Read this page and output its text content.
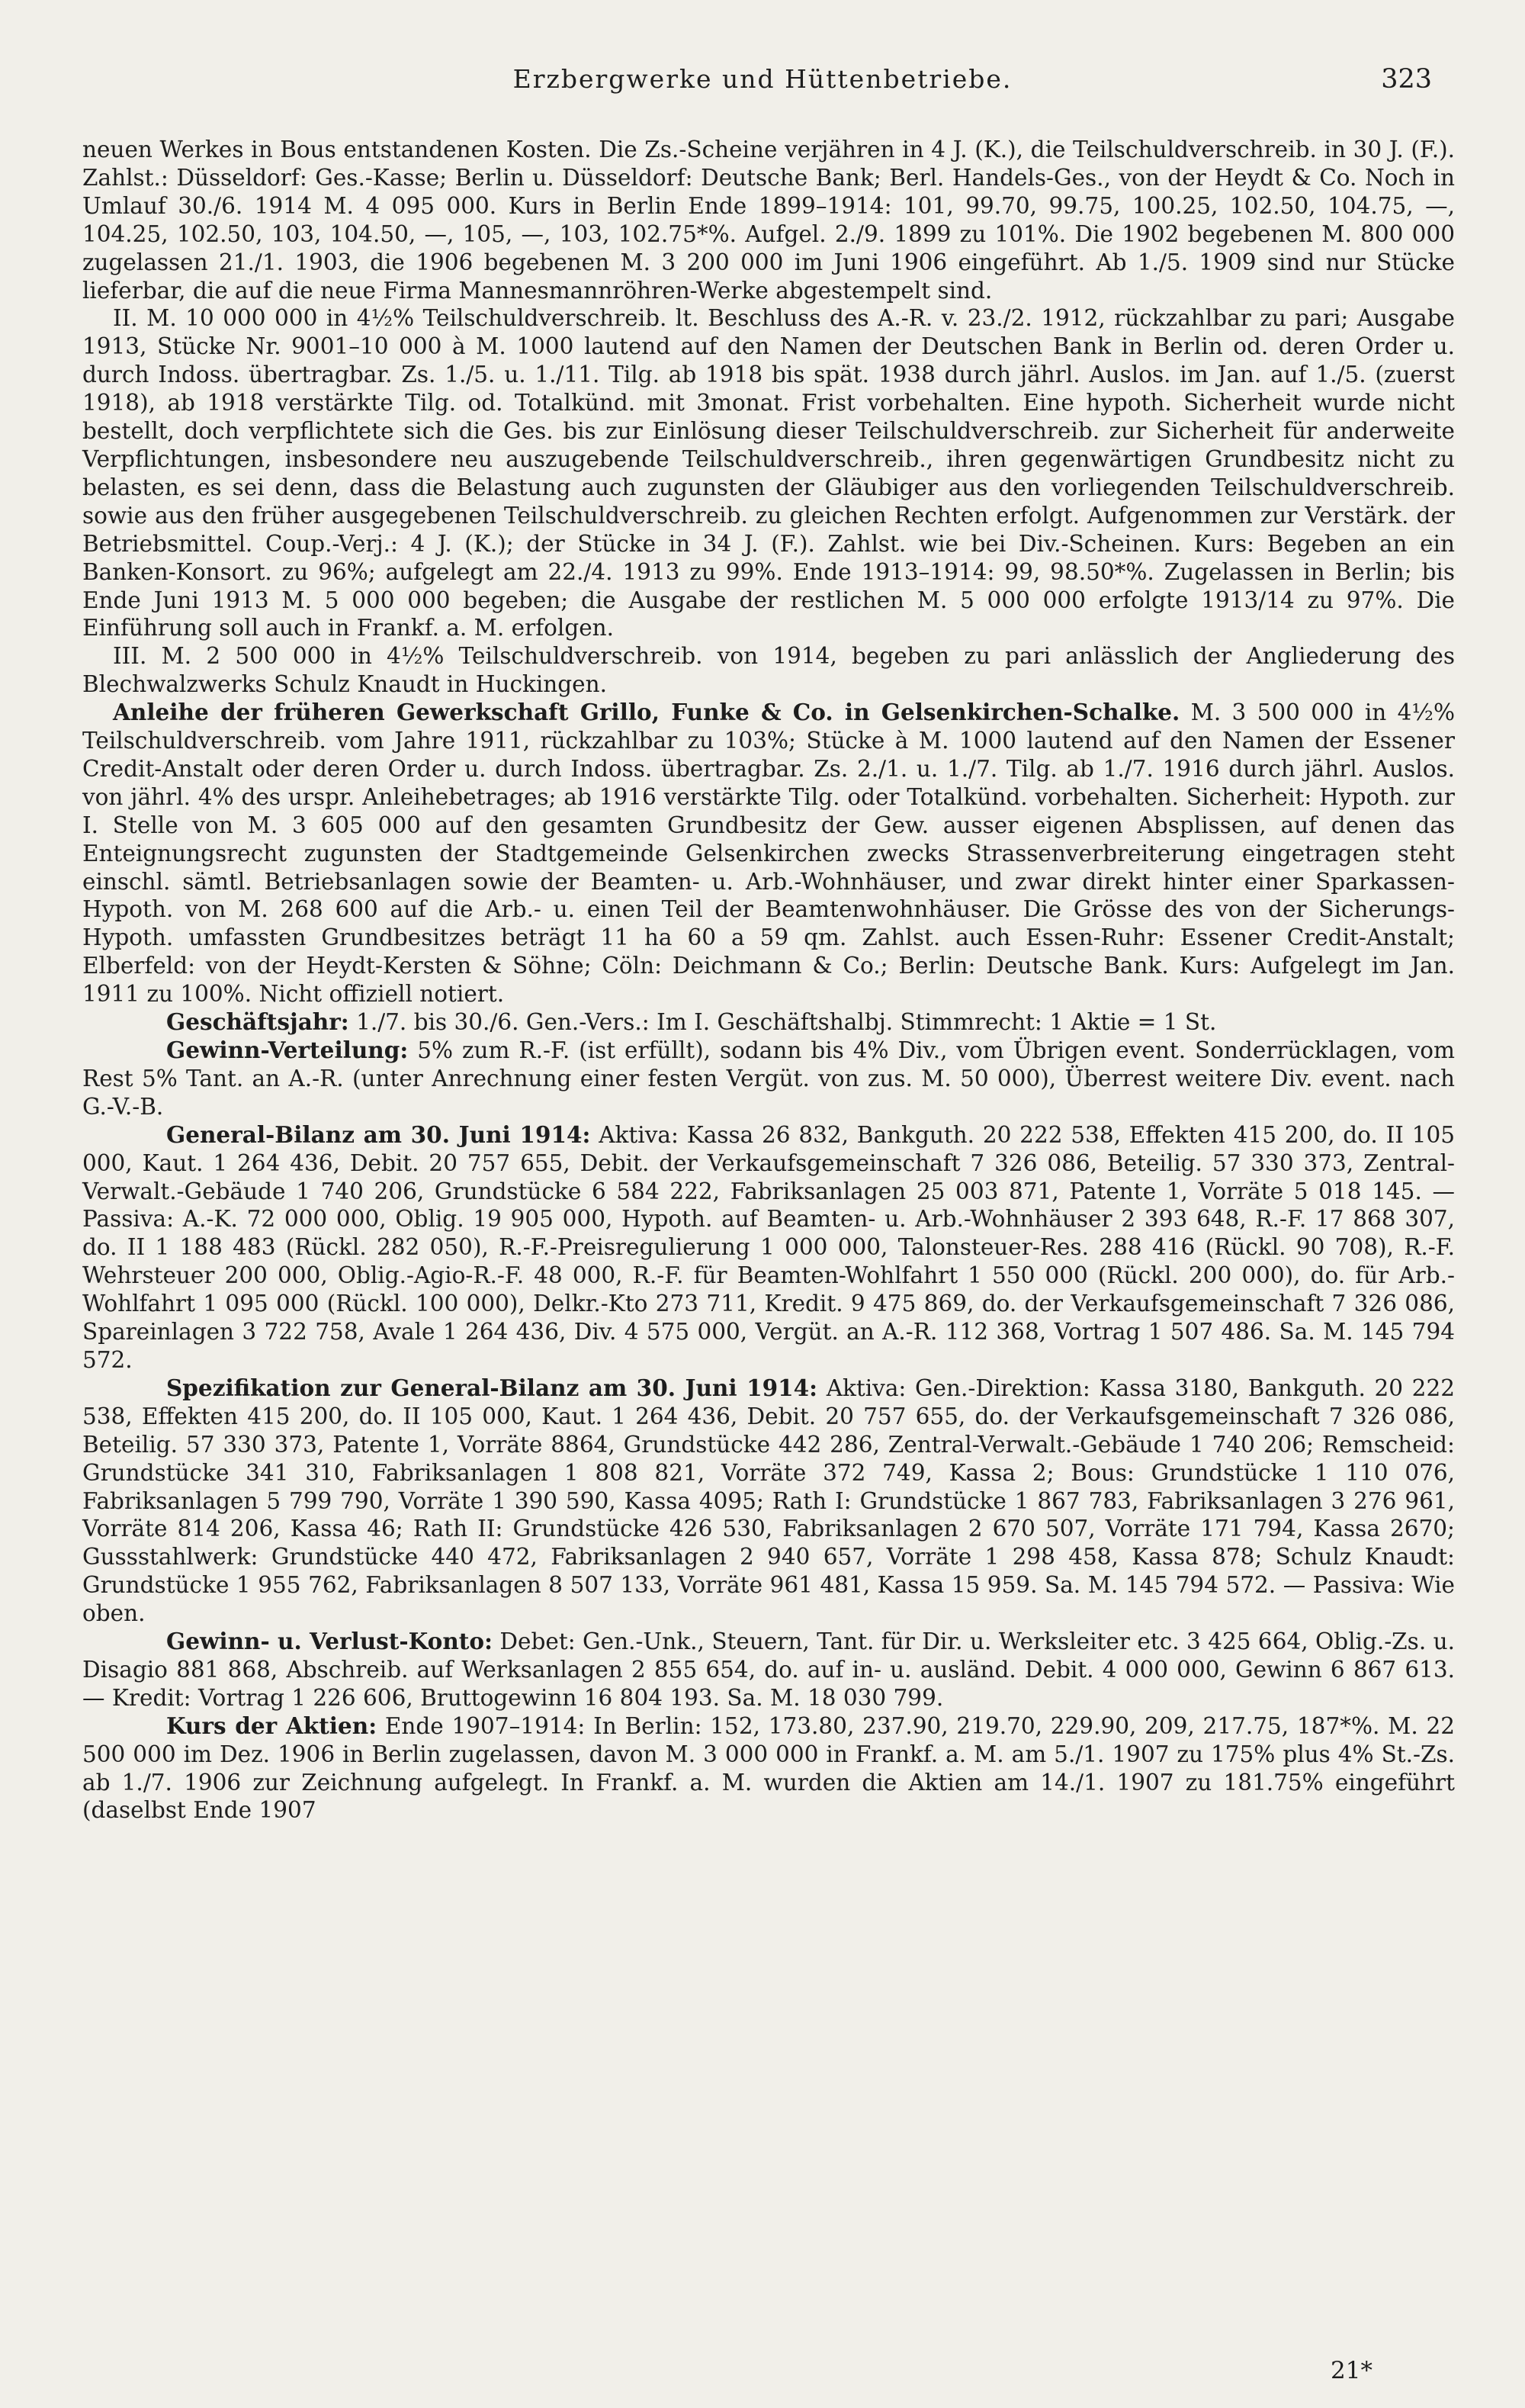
Erzbergwerke und Hüttenbetriebe.	323

neuen Werkes in Bous entstandenen Kosten. Die Zs.-Scheine verjähren in 4 J. (K.), die Teilschuldverschreib. in 30 J. (F.). Zahlst.: Düsseldorf: Ges.-Kasse; Berlin u. Düsseldorf: Deutsche Bank; Berl. Handels-Ges., von der Heydt & Co. Noch in Umlauf 30./6. 1914 M. 4 095 000. Kurs in Berlin Ende 1899–1914: 101, 99.70, 99.75, 100.25, 102.50, 104.75, —, 104.25, 102.50, 103, 104.50, —, 105, —, 103, 102.75*%. Aufgel. 2./9. 1899 zu 101%. Die 1902 begebenen M. 800 000 zugelassen 21./1. 1903, die 1906 begebenen M. 3 200 000 im Juni 1906 eingeführt. Ab 1./5. 1909 sind nur Stücke lieferbar, die auf die neue Firma Mannesmannröhren-Werke abgestempelt sind.

II. M. 10 000 000 in 4½% Teilschuldverschreib. lt. Beschluss des A.-R. v. 23./2. 1912, rückzahlbar zu pari; Ausgabe 1913, Stücke Nr. 9001–10 000 à M. 1000 lautend auf den Namen der Deutschen Bank in Berlin od. deren Order u. durch Indoss. übertragbar. Zs. 1./5. u. 1./11. Tilg. ab 1918 bis spät. 1938 durch jährl. Auslos. im Jan. auf 1./5. (zuerst 1918), ab 1918 verstärkte Tilg. od. Totalkünd. mit 3monat. Frist vorbehalten. Eine hypoth. Sicherheit wurde nicht bestellt, doch verpflichtete sich die Ges. bis zur Einlösung dieser Teilschuldverschreib. zur Sicherheit für anderweite Verpflichtungen, insbesondere neu auszugebende Teilschuldverschreib., ihren gegenwärtigen Grundbesitz nicht zu belasten, es sei denn, dass die Belastung auch zugunsten der Gläubiger aus den vorliegenden Teilschuldverschreib. sowie aus den früher ausgegebenen Teilschuldverschreib. zu gleichen Rechten erfolgt. Aufgenommen zur Verstärk. der Betriebsmittel. Coup.-Verj.: 4 J. (K.); der Stücke in 34 J. (F.). Zahlst. wie bei Div.-Scheinen. Kurs: Begeben an ein Banken-Konsort. zu 96%; aufgelegt am 22./4. 1913 zu 99%. Ende 1913–1914: 99, 98.50*%. Zugelassen in Berlin; bis Ende Juni 1913 M. 5 000 000 begeben; die Ausgabe der restlichen M. 5 000 000 erfolgte 1913/14 zu 97%. Die Einführung soll auch in Frankf. a. M. erfolgen.

III. M. 2 500 000 in 4½% Teilschuldverschreib. von 1914, begeben zu pari anlässlich der Angliederung des Blechwalzwerks Schulz Knaudt in Huckingen.

Anleihe der früheren Gewerkschaft Grillo, Funke & Co. in Gelsenkirchen-Schalke. M. 3 500 000 in 4½% Teilschuldverschreib. vom Jahre 1911, rückzahlbar zu 103%; Stücke à M. 1000 lautend auf den Namen der Essener Credit-Anstalt oder deren Order u. durch Indoss. übertragbar. Zs. 2./1. u. 1./7. Tilg. ab 1./7. 1916 durch jährl. Auslos. von jährl. 4% des urspr. Anleihebetrages; ab 1916 verstärkte Tilg. oder Totalkünd. vorbehalten. Sicherheit: Hypoth. zur I. Stelle von M. 3 605 000 auf den gesamten Grundbesitz der Gew. ausser eigenen Absplissen, auf denen das Enteignungsrecht zugunsten der Stadtgemeinde Gelsenkirchen zwecks Strassenverbreiterung eingetragen steht einschl. sämtl. Betriebsanlagen sowie der Beamten- u. Arb.-Wohnhäuser, und zwar direkt hinter einer Sparkassen-Hypoth. von M. 268 600 auf die Arb.- u. einen Teil der Beamtenwohnhäuser. Die Grösse des von der Sicherungs-Hypoth. umfassten Grundbesitzes beträgt 11 ha 60 a 59 qm. Zahlst. auch Essen-Ruhr: Essener Credit-Anstalt; Elberfeld: von der Heydt-Kersten & Söhne; Cöln: Deichmann & Co.; Berlin: Deutsche Bank. Kurs: Aufgelegt im Jan. 1911 zu 100%. Nicht offiziell notiert.

Geschäftsjahr: 1./7. bis 30./6. Gen.-Vers.: Im I. Geschäftshalbj. Stimmrecht: 1 Aktie = 1 St.

Gewinn-Verteilung: 5% zum R.-F. (ist erfüllt), sodann bis 4% Div., vom Übrigen event. Sonderrücklagen, vom Rest 5% Tant. an A.-R. (unter Anrechnung einer festen Vergüt. von zus. M. 50 000), Überrest weitere Div. event. nach G.-V.-B.

General-Bilanz am 30. Juni 1914: Aktiva: Kassa 26 832, Bankguth. 20 222 538, Effekten 415 200, do. II 105 000, Kaut. 1 264 436, Debit. 20 757 655, Debit. der Verkaufsgemeinschaft 7 326 086, Beteilig. 57 330 373, Zentral-Verwalt.-Gebäude 1 740 206, Grundstücke 6 584 222, Fabriksanlagen 25 003 871, Patente 1, Vorräte 5 018 145. — Passiva: A.-K. 72 000 000, Oblig. 19 905 000, Hypoth. auf Beamten- u. Arb.-Wohnhäuser 2 393 648, R.-F. 17 868 307, do. II 1 188 483 (Rückl. 282 050), R.-F.-Preisregulierung 1 000 000, Talonsteuer-Res. 288 416 (Rückl. 90 708), R.-F. Wehrsteuer 200 000, Oblig.-Agio-R.-F. 48 000, R.-F. für Beamten-Wohlfahrt 1 550 000 (Rückl. 200 000), do. für Arb.-Wohlfahrt 1 095 000 (Rückl. 100 000), Delkr.-Kto 273 711, Kredit. 9 475 869, do. der Verkaufsgemeinschaft 7 326 086, Spareinlagen 3 722 758, Avale 1 264 436, Div. 4 575 000, Vergüt. an A.-R. 112 368, Vortrag 1 507 486. Sa. M. 145 794 572.

Spezifikation zur General-Bilanz am 30. Juni 1914: Aktiva: Gen.-Direktion: Kassa 3180, Bankguth. 20 222 538, Effekten 415 200, do. II 105 000, Kaut. 1 264 436, Debit. 20 757 655, do. der Verkaufsgemeinschaft 7 326 086, Beteilig. 57 330 373, Patente 1, Vorräte 8864, Grundstücke 442 286, Zentral-Verwalt.-Gebäude 1 740 206; Remscheid: Grundstücke 341 310, Fabriksanlagen 1 808 821, Vorräte 372 749, Kassa 2; Bous: Grundstücke 1 110 076, Fabriksanlagen 5 799 790, Vorräte 1 390 590, Kassa 4095; Rath I: Grundstücke 1 867 783, Fabriksanlagen 3 276 961, Vorräte 814 206, Kassa 46; Rath II: Grundstücke 426 530, Fabriksanlagen 2 670 507, Vorräte 171 794, Kassa 2670; Gussstahlwerk: Grundstücke 440 472, Fabriksanlagen 2 940 657, Vorräte 1 298 458, Kassa 878; Schulz Knaudt: Grundstücke 1 955 762, Fabriksanlagen 8 507 133, Vorräte 961 481, Kassa 15 959. Sa. M. 145 794 572. — Passiva: Wie oben.

Gewinn- u. Verlust-Konto: Debet: Gen.-Unk., Steuern, Tant. für Dir. u. Werksleiter etc. 3 425 664, Oblig.-Zs. u. Disagio 881 868, Abschreib. auf Werksanlagen 2 855 654, do. auf in- u. ausländ. Debit. 4 000 000, Gewinn 6 867 613. — Kredit: Vortrag 1 226 606, Bruttogewinn 16 804 193. Sa. M. 18 030 799.

Kurs der Aktien: Ende 1907–1914: In Berlin: 152, 173.80, 237.90, 219.70, 229.90, 209, 217.75, 187*%. M. 22 500 000 im Dez. 1906 in Berlin zugelassen, davon M. 3 000 000 in Frankf. a. M. am 5./1. 1907 zu 175% plus 4% St.-Zs. ab 1./7. 1906 zur Zeichnung aufgelegt. In Frankf. a. M. wurden die Aktien am 14./1. 1907 zu 181.75% eingeführt (daselbst Ende 1907

21*
